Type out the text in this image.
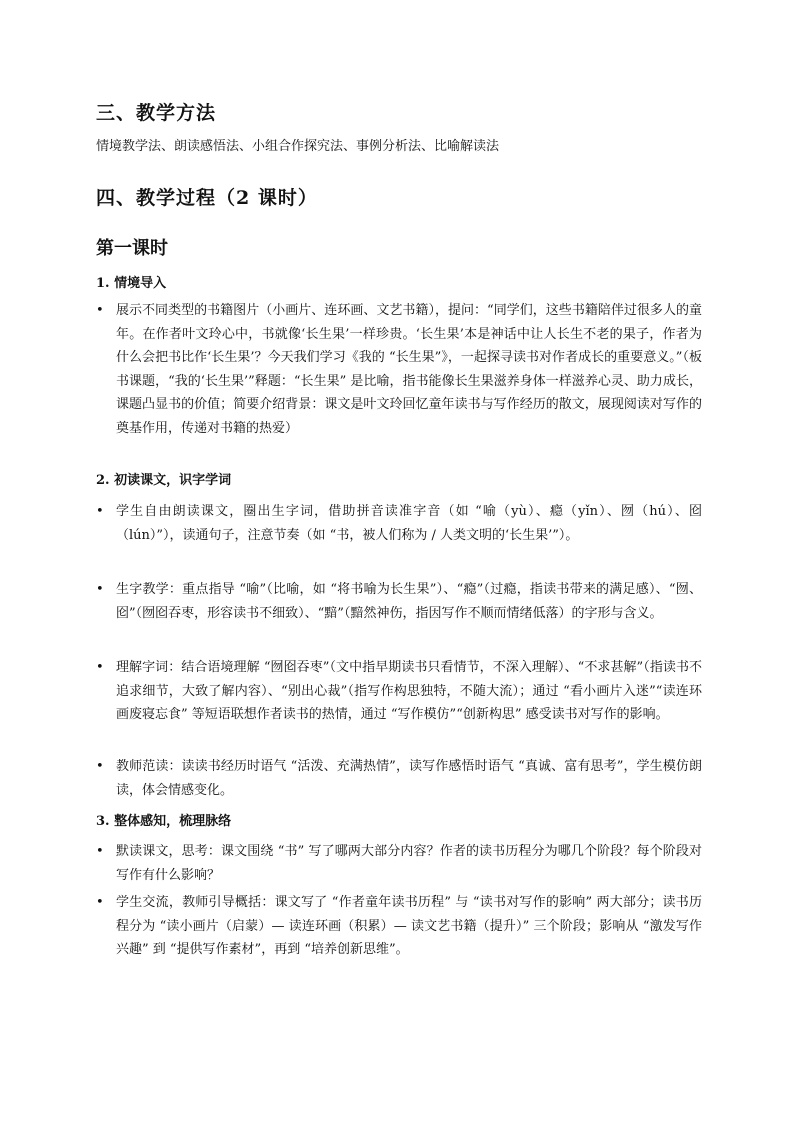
三、教学方法

情境教学法、朗读感悟法、小组合作探究法、事例分析法、比喻解读法

四、教学过程（2 课时）
第一课时

1. 情境导入

• 展示不同类型的书籍图片（小画片、连环画、文艺书籍），提问：“同学们，这些书籍陪伴过很多人的童年。在作者叶文玲心中，书就像‘长生果’一样珍贵。‘长生果’本是神话中让人长生不老的果子，作者为什么会把书比作‘长生果’？今天我们学习《我的 “长生果”》，一起探寻读书对作者成长的重要意义。”（板书课题，“我的‘长生果’”释题：“长生果” 是比喻，指书能像长生果滋养身体一样滋养心灵、助力成长，课题凸显书的价值；简要介绍背景：课文是叶文玲回忆童年读书与写作经历的散文，展现阅读对写作的奠基作用，传递对书籍的热爱）

2. 初读课文，识字学词

• 学生自由朗读课文，圈出生字词，借助拼音读准字音（如 “喻（yù）、瘾（yǐn）、囫（hú）、囵（lún）”），读通句子，注意节奏（如 “书，被人们称为 / 人类文明的‘长生果’”）。
• 生字教学：重点指导 “喻”（比喻，如 “将书喻为长生果”）、“瘾”（过瘾，指读书带来的满足感）、“囫、囵”（囫囵吞枣，形容读书不细致）、“黯”（黯然神伤，指因写作不顺而情绪低落）的字形与含义。
• 理解字词：结合语境理解 “囫囵吞枣”（文中指早期读书只看情节，不深入理解）、“不求甚解”（指读书不追求细节，大致了解内容）、“别出心裁”（指写作构思独特，不随大流）；通过 “看小画片入迷”“读连环画废寝忘食” 等短语联想作者读书的热情，通过 “写作模仿”“创新构思” 感受读书对写作的影响。
• 教师范读：读读书经历时语气 “活泼、充满热情”，读写作感悟时语气 “真诚、富有思考”，学生模仿朗读，体会情感变化。

3. 整体感知，梳理脉络

• 默读课文，思考：课文围绕 “书” 写了哪两大部分内容？作者的读书历程分为哪几个阶段？每个阶段对写作有什么影响？
• 学生交流，教师引导概括：课文写了 “作者童年读书历程” 与 “读书对写作的影响” 两大部分；读书历程分为 “读小画片（启蒙）— 读连环画（积累）— 读文艺书籍（提升）” 三个阶段；影响从 “激发写作兴趣” 到 “提供写作素材”，再到 “培养创新思维”。
